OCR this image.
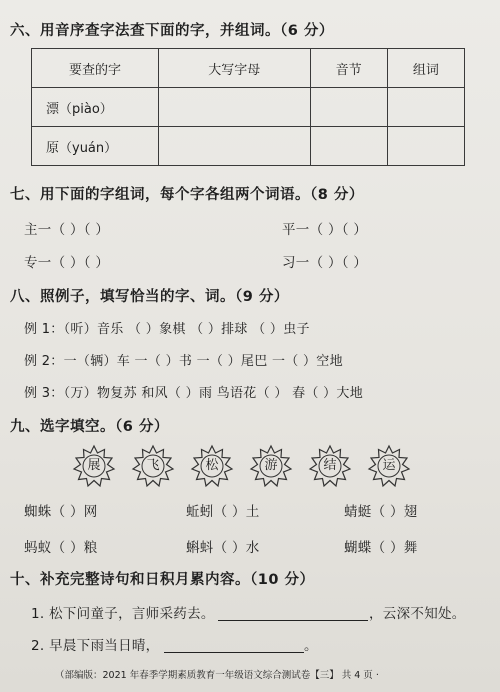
六、用音序查字法查下面的字，并组词。（6 分）
要查的字	大写字母	音节	组词
漂（piào）			
原（yuán）			
七、用下面的字组词，每个字各组两个词语。（8 分）
主一（ ）（ ）	平一（ ）（ ）
专一（ ）（ ）	习一（ ）（ ）
八、照例子，填写恰当的字、词。（9 分）
例 1：（听）音乐 （ ）象棋 （ ）排球 （ ）虫子
例 2：一（辆）车 一（ ）书 一（ ）尾巴 一（ ）空地
例 3：（万）物复苏 和风（ ）雨 鸟语花（ ） 春（ ）大地
九、选字填空。（6 分）
展	飞	松	游	结	运
蜘蛛（ ）网	蚯蚓（ ）土	蜻蜓（ ）翅
蚂蚁（ ）粮	蝌蚪（ ）水	蝴蝶（ ）舞
十、补充完整诗句和日积月累内容。（10 分）
1. 松下问童子，言师采药去。	，云深不知处。
2. 早晨下雨当日晴，	。
（部编版：2021 年春季学期素质教育一年级语文综合测试卷【三】 共 4 页 ·
